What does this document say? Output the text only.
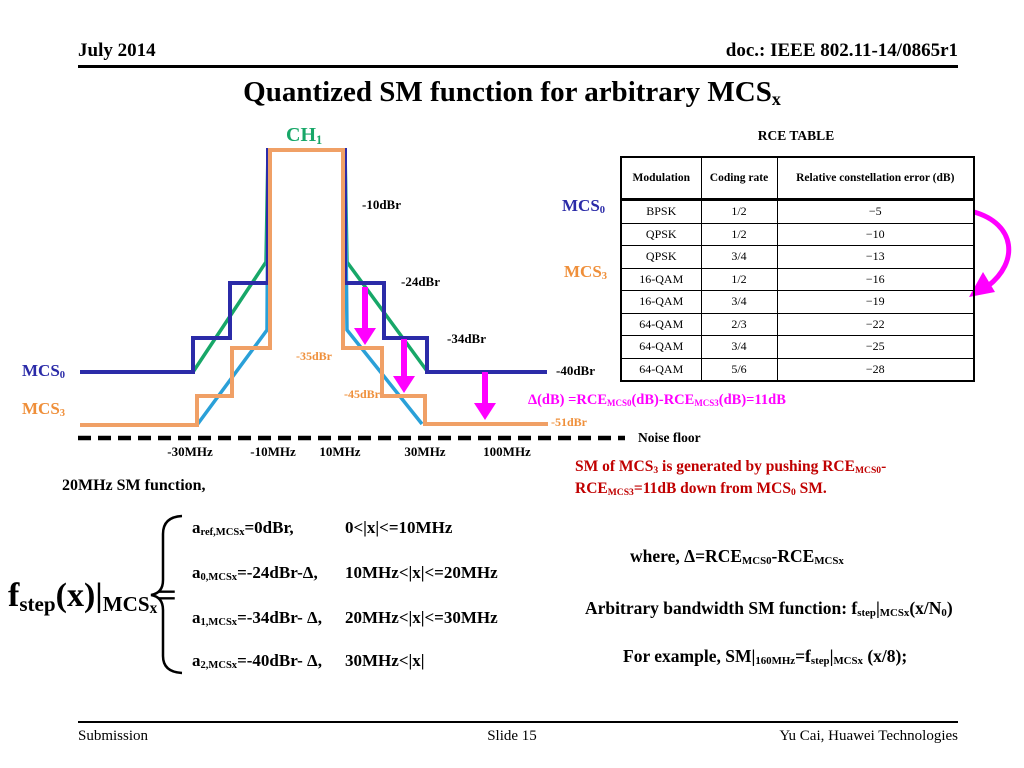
July 2014	doc.: IEEE 802.11-14/0865r1
Quantized SM function for arbitrary MCSx
CH1
-10dBr
-24dBr
-34dBr
-40dBr
-35dBr
-45dBr
-51dBr
MCS0
MCS3
MCS0
MCS3
-30MHz	-10MHz 10MHz	30MHz	100MHz
Noise floor
20MHz SM function,
Δ(dB) =RCEMCS0(dB)-RCEMCS3(dB)=11dB
SM of MCS3 is generated by pushing RCEMCS0-
RCEMCS3=11dB down from MCS0 SM.
RCE TABLE
Modulation	Coding rate	Relative constellation error (dB)
BPSK	1/2	−5
QPSK	1/2	−10
QPSK	3/4	−13
16-QAM	1/2	−16
16-QAM	3/4	−19
64-QAM	2/3	−22
64-QAM	3/4	−25
64-QAM	5/6	−28
$fstep(x)|MCS_x=$
aref,MCSx=0dBr,	0<|x|<=10MHz
a0,MCSx=-24dBr-Δ, 10MHz<|x|<=20MHz
a1,MCSx=-34dBr- Δ, 20MHz<|x|<=30MHz
a2,MCSx=-40dBr- Δ, 30MHz<|x|
where, Δ=RCEMCS0-RCEMCSx
Arbitrary bandwidth SM function: fstep|MCSx(x/N0)
For example, SM|160MHz=fstep|MCSx (x/8);
Submission	Slide 15	Yu Cai, Huawei Technologies
